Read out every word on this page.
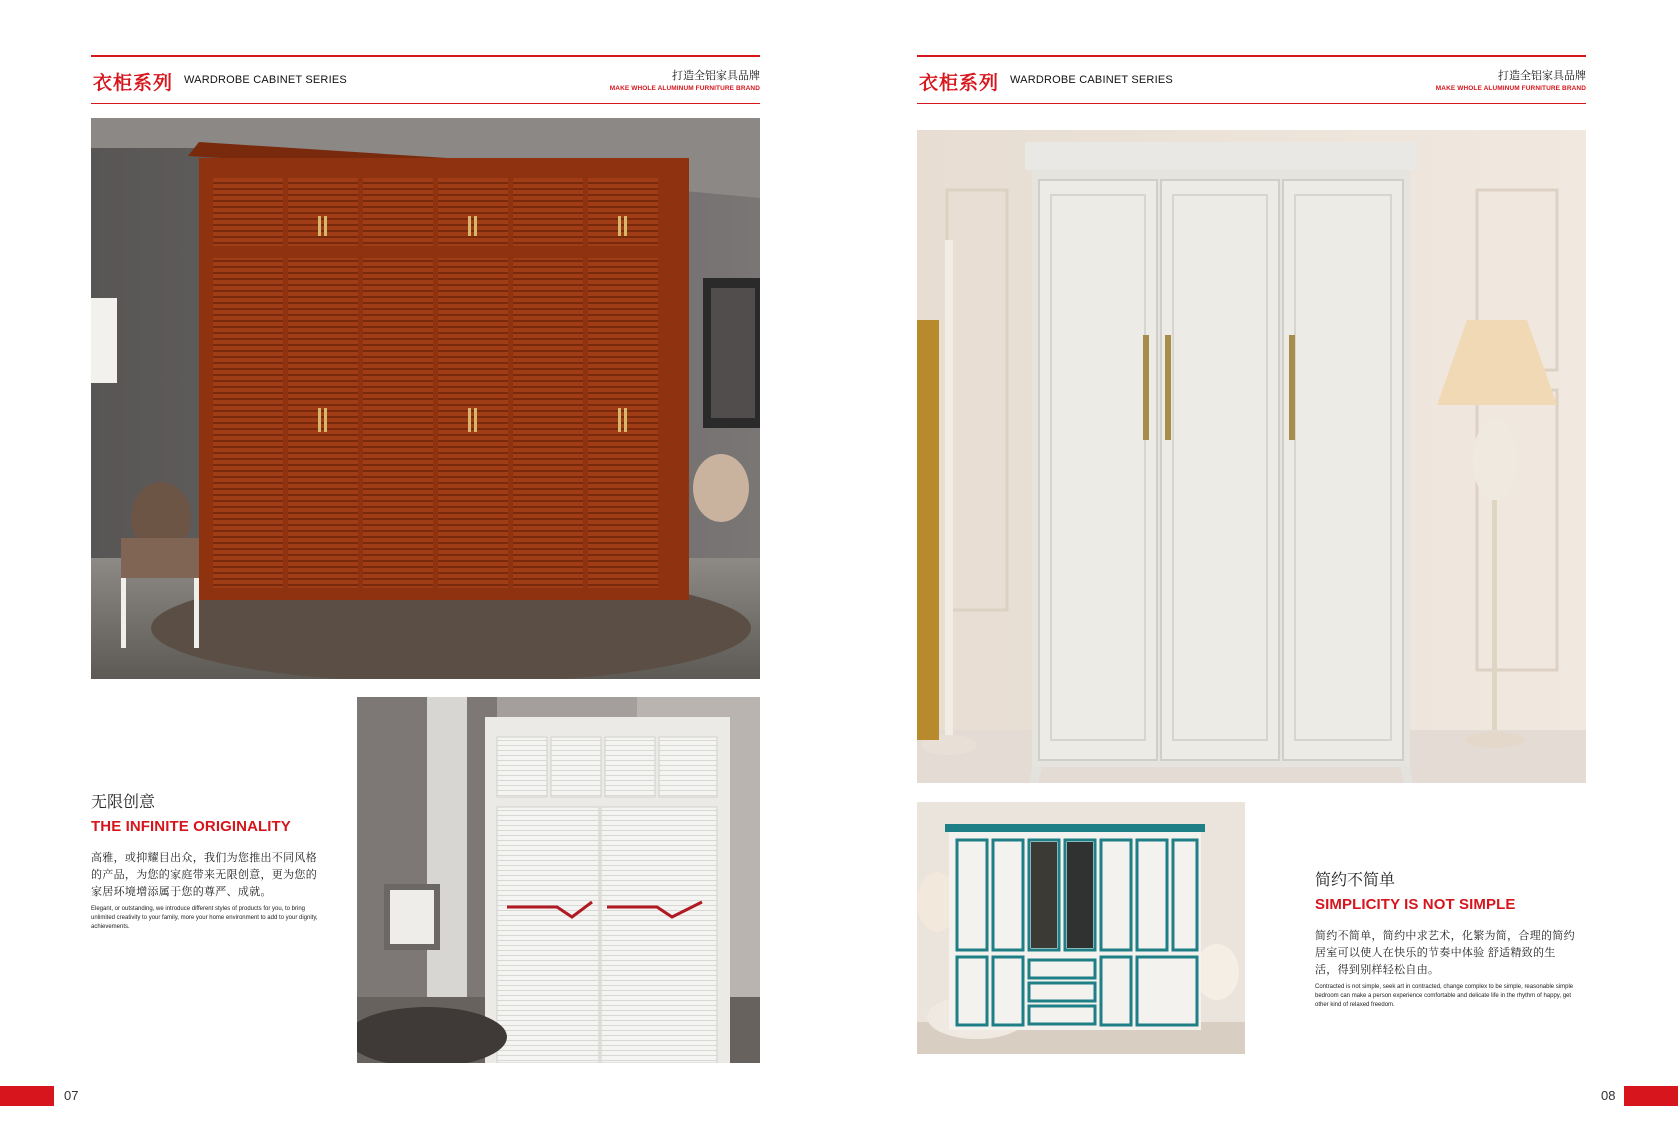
衣柜系列 WARDROBE CABINET SERIES	打造全铝家具品牌
MAKE WHOLE ALUMINUM FURNITURE BRAND
无限创意
THE INFINITE ORIGINALITY
高雅，或抑耀目出众，我们为您推出不同风格的产品，为您的家庭带来无限创意，更为您的家居环境增添属于您的尊严、成就。
Elegant, or outstanding, we introduce different styles of products for you, to bring unlimited creativity to your family, more your home environment to add to your dignity, achievements.
07
衣柜系列 WARDROBE CABINET SERIES	打造全铝家具品牌
MAKE WHOLE ALUMINUM FURNITURE BRAND
简约不简单
SIMPLICITY IS NOT SIMPLE
简约不简单，简约中求艺术，化繁为简，合理的简约居室可以使人在快乐的节奏中体验 舒适精致的生活，得到别样轻松自由。
Contracted is not simple, seek art in contracted, change complex to be simple, reasonable simple bedroom can make a person experience comfortable and delicate life in the rhythm of happy, get other kind of relaxed freedom.
08
